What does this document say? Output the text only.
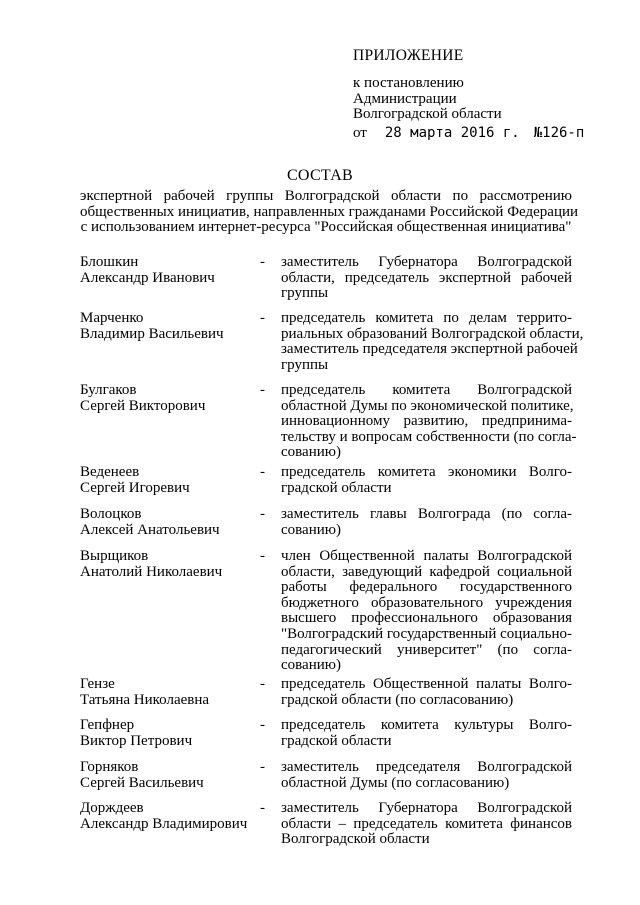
ПРИЛОЖЕНИЕ
к постановлению
Администрации
Волгоградской области
от 28 марта 2016 г. №126-п
СОСТАВ
экспертной рабочей группы Волгоградской области по рассмотрению
общественных инициатив, направленных гражданами Российской Федерации
с использованием интернет-ресурса "Российская общественная инициатива"
Блошкин
Александр Иванович
- заместитель Губернатора Волгоградской
области, председатель экспертной рабочей
группы
Марченко
Владимир Васильевич
- председатель комитета по делам террито-
риальных образований Волгоградской области,
заместитель председателя экспертной рабочей
группы
Булгаков
Сергей Викторович
- председатель комитета Волгоградской
областной Думы по экономической политике,
инновационному развитию, предпринима-
тельству и вопросам собственности (по согла-
сованию)
Веденеев
Сергей Игоревич
- председатель комитета экономики Волго-
градской области
Волоцков
Алексей Анатольевич
- заместитель главы Волгограда (по согла-
сованию)
Вырщиков
Анатолий Николаевич
- член Общественной палаты Волгоградской
области, заведующий кафедрой социальной
работы федерального государственного
бюджетного образовательного учреждения
высшего профессионального образования
"Волгоградский государственный социально-
педагогический университет" (по согла-
сованию)
Гензе
Татьяна Николаевна
- председатель Общественной палаты Волго-
градской области (по согласованию)
Гепфнер
Виктор Петрович
- председатель комитета культуры Волго-
градской области
Горняков
Сергей Васильевич
- заместитель председателя Волгоградской
областной Думы (по согласованию)
Дорждеев
Александр Владимирович
- заместитель Губернатора Волгоградской
области – председатель комитета финансов
Волгоградской области
